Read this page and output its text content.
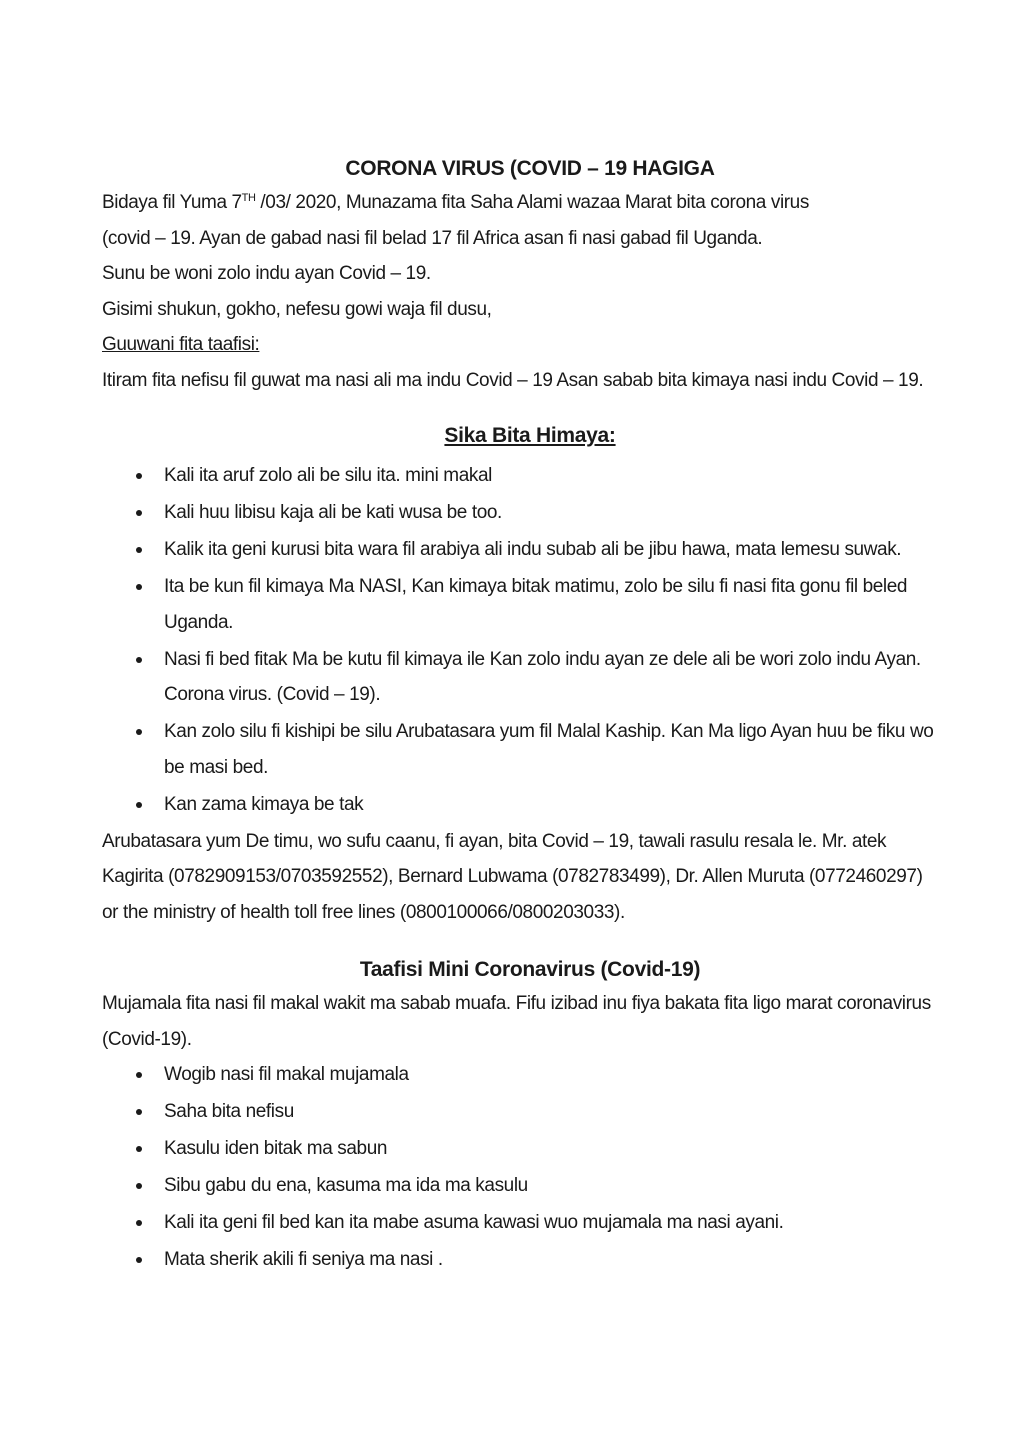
CORONA VIRUS (COVID – 19 HAGIGA

Bidaya fil Yuma 7TH /03/ 2020, Munazama fita Saha Alami wazaa Marat bita corona virus

(covid – 19. Ayan de gabad nasi fil belad 17 fil Africa asan fi nasi gabad fil Uganda.

Sunu be woni zolo indu ayan Covid – 19.

Gisimi shukun, gokho, nefesu gowi waja fil dusu,

Guuwani fita taafisi:

Itiram fita nefisu fil guwat ma nasi ali ma indu Covid – 19 Asan sabab bita kimaya nasi indu Covid – 19.

Sika Bita Himaya:
Kali ita aruf zolo ali be silu ita. mini makal
Kali huu libisu kaja ali be kati wusa be too.
Kalik ita geni kurusi bita wara fil arabiya ali indu subab ali be jibu hawa, mata lemesu suwak.
Ita be kun fil kimaya Ma NASI, Kan kimaya bitak matimu, zolo be silu fi nasi fita gonu fil beled Uganda.
Nasi fi bed fitak Ma be kutu fil kimaya ile Kan zolo indu ayan ze dele ali be wori zolo indu Ayan. Corona virus. (Covid – 19).
Kan zolo silu fi kishipi be silu Arubatasara yum fil Malal Kaship. Kan Ma ligo Ayan huu be fiku wo be masi bed.
Kan zama kimaya be tak

Arubatasara yum De timu, wo sufu caanu, fi ayan, bita Covid – 19, tawali rasulu resala le. Mr. atek Kagirita (0782909153/0703592552), Bernard Lubwama (0782783499), Dr. Allen Muruta (0772460297) or the ministry of health toll free lines (0800100066/0800203033).

Taafisi Mini Coronavirus (Covid-19)

Mujamala fita nasi fil makal wakit ma sabab muafa. Fifu izibad inu fiya bakata fita ligo marat coronavirus (Covid-19).

Wogib nasi fil makal mujamala
Saha bita nefisu
Kasulu iden bitak ma sabun
Sibu gabu du ena, kasuma ma ida ma kasulu
Kali ita geni fil bed kan ita mabe asuma kawasi wuo mujamala ma nasi ayani.
Mata sherik akili fi seniya ma nasi .
